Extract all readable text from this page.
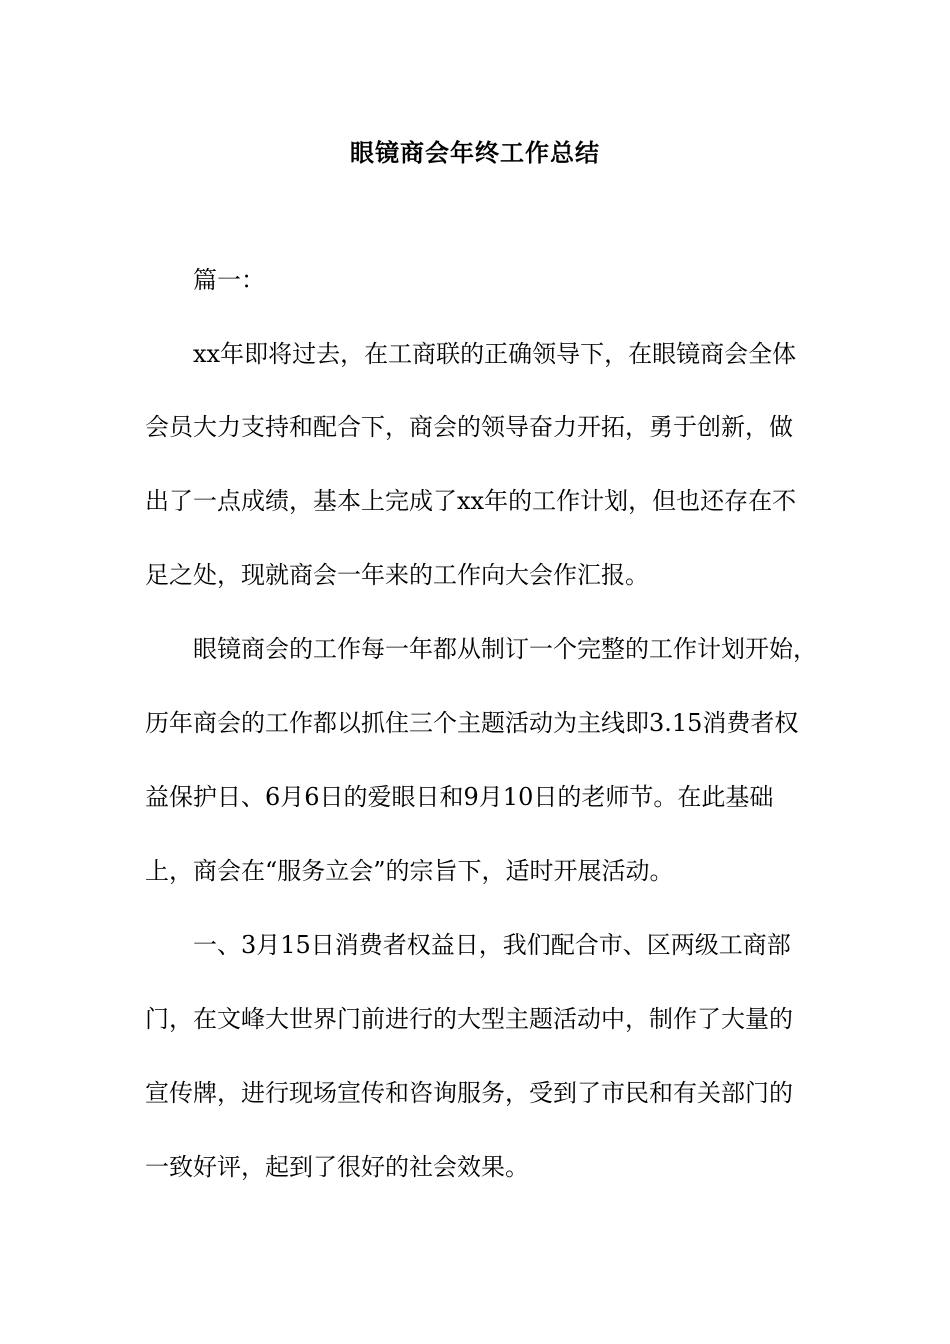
眼镜商会年终工作总结
篇一：
xx年即将过去，在工商联的正确领导下，在眼镜商会全体
会员大力支持和配合下，商会的领导奋力开拓，勇于创新，做
出了一点成绩，基本上完成了xx年的工作计划，但也还存在不
足之处，现就商会一年来的工作向大会作汇报。
眼镜商会的工作每一年都从制订一个完整的工作计划开始，
历年商会的工作都以抓住三个主题活动为主线即3.15消费者权
益保护日、6月6日的爱眼日和9月10日的老师节。在此基础
上，商会在“服务立会”的宗旨下，适时开展活动。
一、3月15日消费者权益日，我们配合市、区两级工商部
门，在文峰大世界门前进行的大型主题活动中，制作了大量的
宣传牌，进行现场宣传和咨询服务，受到了市民和有关部门的
一致好评，起到了很好的社会效果。
